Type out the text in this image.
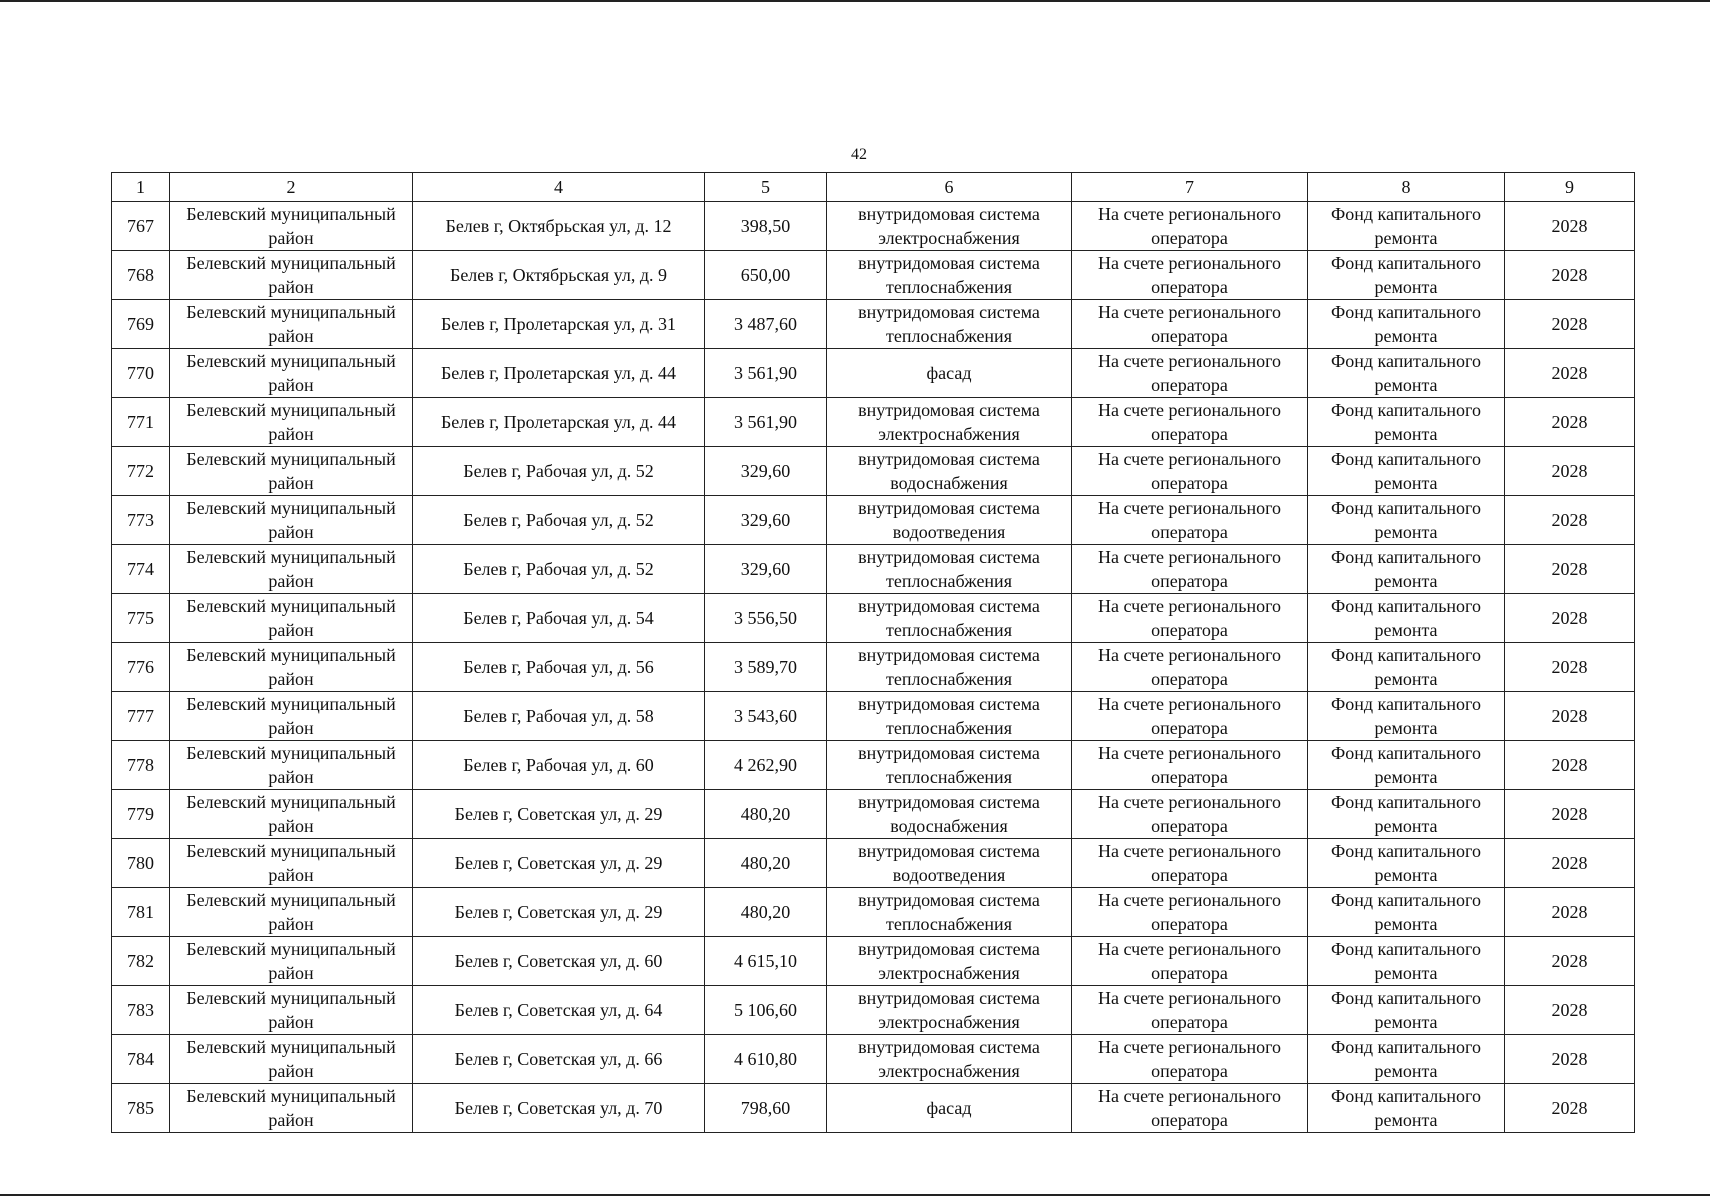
42
1	2	4	5	6	7	8	9
767	Белевский муниципальный район	Белев г, Октябрьская ул, д. 12	398,50	внутридомовая система электроснабжения	На счете регионального оператора	Фонд капитального ремонта	2028
768	Белевский муниципальный район	Белев г, Октябрьская ул, д. 9	650,00	внутридомовая система теплоснабжения	На счете регионального оператора	Фонд капитального ремонта	2028
769	Белевский муниципальный район	Белев г, Пролетарская ул, д. 31	3 487,60	внутридомовая система теплоснабжения	На счете регионального оператора	Фонд капитального ремонта	2028
770	Белевский муниципальный район	Белев г, Пролетарская ул, д. 44	3 561,90	фасад	На счете регионального оператора	Фонд капитального ремонта	2028
771	Белевский муниципальный район	Белев г, Пролетарская ул, д. 44	3 561,90	внутридомовая система электроснабжения	На счете регионального оператора	Фонд капитального ремонта	2028
772	Белевский муниципальный район	Белев г, Рабочая ул, д. 52	329,60	внутридомовая система водоснабжения	На счете регионального оператора	Фонд капитального ремонта	2028
773	Белевский муниципальный район	Белев г, Рабочая ул, д. 52	329,60	внутридомовая система водоотведения	На счете регионального оператора	Фонд капитального ремонта	2028
774	Белевский муниципальный район	Белев г, Рабочая ул, д. 52	329,60	внутридомовая система теплоснабжения	На счете регионального оператора	Фонд капитального ремонта	2028
775	Белевский муниципальный район	Белев г, Рабочая ул, д. 54	3 556,50	внутридомовая система теплоснабжения	На счете регионального оператора	Фонд капитального ремонта	2028
776	Белевский муниципальный район	Белев г, Рабочая ул, д. 56	3 589,70	внутридомовая система теплоснабжения	На счете регионального оператора	Фонд капитального ремонта	2028
777	Белевский муниципальный район	Белев г, Рабочая ул, д. 58	3 543,60	внутридомовая система теплоснабжения	На счете регионального оператора	Фонд капитального ремонта	2028
778	Белевский муниципальный район	Белев г, Рабочая ул, д. 60	4 262,90	внутридомовая система теплоснабжения	На счете регионального оператора	Фонд капитального ремонта	2028
779	Белевский муниципальный район	Белев г, Советская ул, д. 29	480,20	внутридомовая система водоснабжения	На счете регионального оператора	Фонд капитального ремонта	2028
780	Белевский муниципальный район	Белев г, Советская ул, д. 29	480,20	внутридомовая система водоотведения	На счете регионального оператора	Фонд капитального ремонта	2028
781	Белевский муниципальный район	Белев г, Советская ул, д. 29	480,20	внутридомовая система теплоснабжения	На счете регионального оператора	Фонд капитального ремонта	2028
782	Белевский муниципальный район	Белев г, Советская ул, д. 60	4 615,10	внутридомовая система электроснабжения	На счете регионального оператора	Фонд капитального ремонта	2028
783	Белевский муниципальный район	Белев г, Советская ул, д. 64	5 106,60	внутридомовая система электроснабжения	На счете регионального оператора	Фонд капитального ремонта	2028
784	Белевский муниципальный район	Белев г, Советская ул, д. 66	4 610,80	внутридомовая система электроснабжения	На счете регионального оператора	Фонд капитального ремонта	2028
785	Белевский муниципальный район	Белев г, Советская ул, д. 70	798,60	фасад	На счете регионального оператора	Фонд капитального ремонта	2028
